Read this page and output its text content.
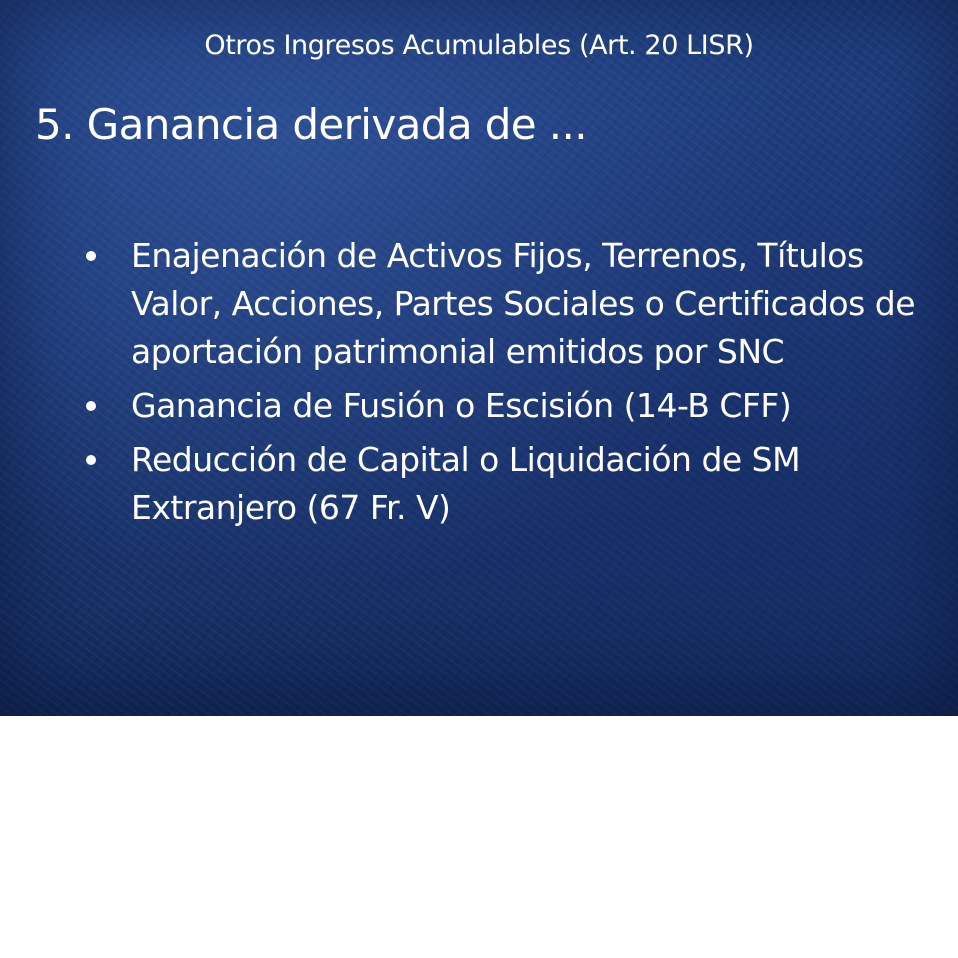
Otros Ingresos Acumulables (Art. 20 LISR)
5. Ganancia derivada de ...
Enajenación de Activos Fijos, Terrenos, Títulos Valor, Acciones, Partes Sociales o Certificados de aportación patrimonial emitidos por SNC
Ganancia de Fusión o Escisión (14-B CFF)
Reducción de Capital o Liquidación de SM Extranjero (67 Fr. V)
